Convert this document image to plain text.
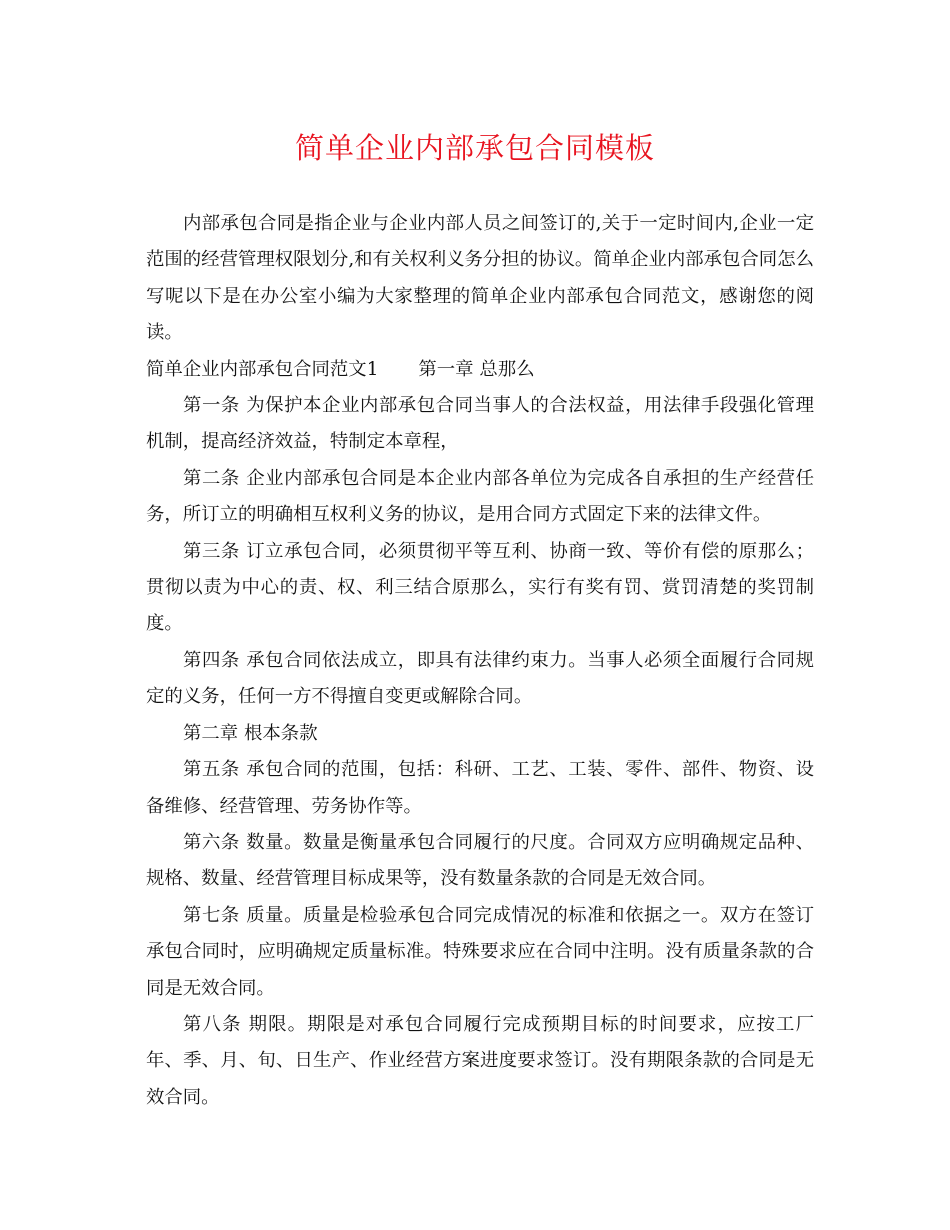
简单企业内部承包合同模板

内部承包合同是指企业与企业内部人员之间签订的,关于一定时间内,企业一定范围的经营管理权限划分,和有关权利义务分担的协议。简单企业内部承包合同怎么写呢以下是在办公室小编为大家整理的简单企业内部承包合同范文，感谢您的阅读。

简单企业内部承包合同范文1 第一章 总那么

第一条 为保护本企业内部承包合同当事人的合法权益，用法律手段强化管理机制，提高经济效益，特制定本章程，

第二条 企业内部承包合同是本企业内部各单位为完成各自承担的生产经营任务，所订立的明确相互权利义务的协议，是用合同方式固定下来的法律文件。

第三条 订立承包合同，必须贯彻平等互利、协商一致、等价有偿的原那么；贯彻以责为中心的责、权、利三结合原那么，实行有奖有罚、赏罚清楚的奖罚制度。

第四条 承包合同依法成立，即具有法律约束力。当事人必须全面履行合同规定的义务，任何一方不得擅自变更或解除合同。

第二章 根本条款

第五条 承包合同的范围，包括：科研、工艺、工装、零件、部件、物资、设备维修、经营管理、劳务协作等。

第六条 数量。数量是衡量承包合同履行的尺度。合同双方应明确规定品种、规格、数量、经营管理目标成果等，没有数量条款的合同是无效合同。

第七条 质量。质量是检验承包合同完成情况的标准和依据之一。双方在签订承包合同时，应明确规定质量标准。特殊要求应在合同中注明。没有质量条款的合同是无效合同。

第八条 期限。期限是对承包合同履行完成预期目标的时间要求，应按工厂年、季、月、旬、日生产、作业经营方案进度要求签订。没有期限条款的合同是无效合同。
